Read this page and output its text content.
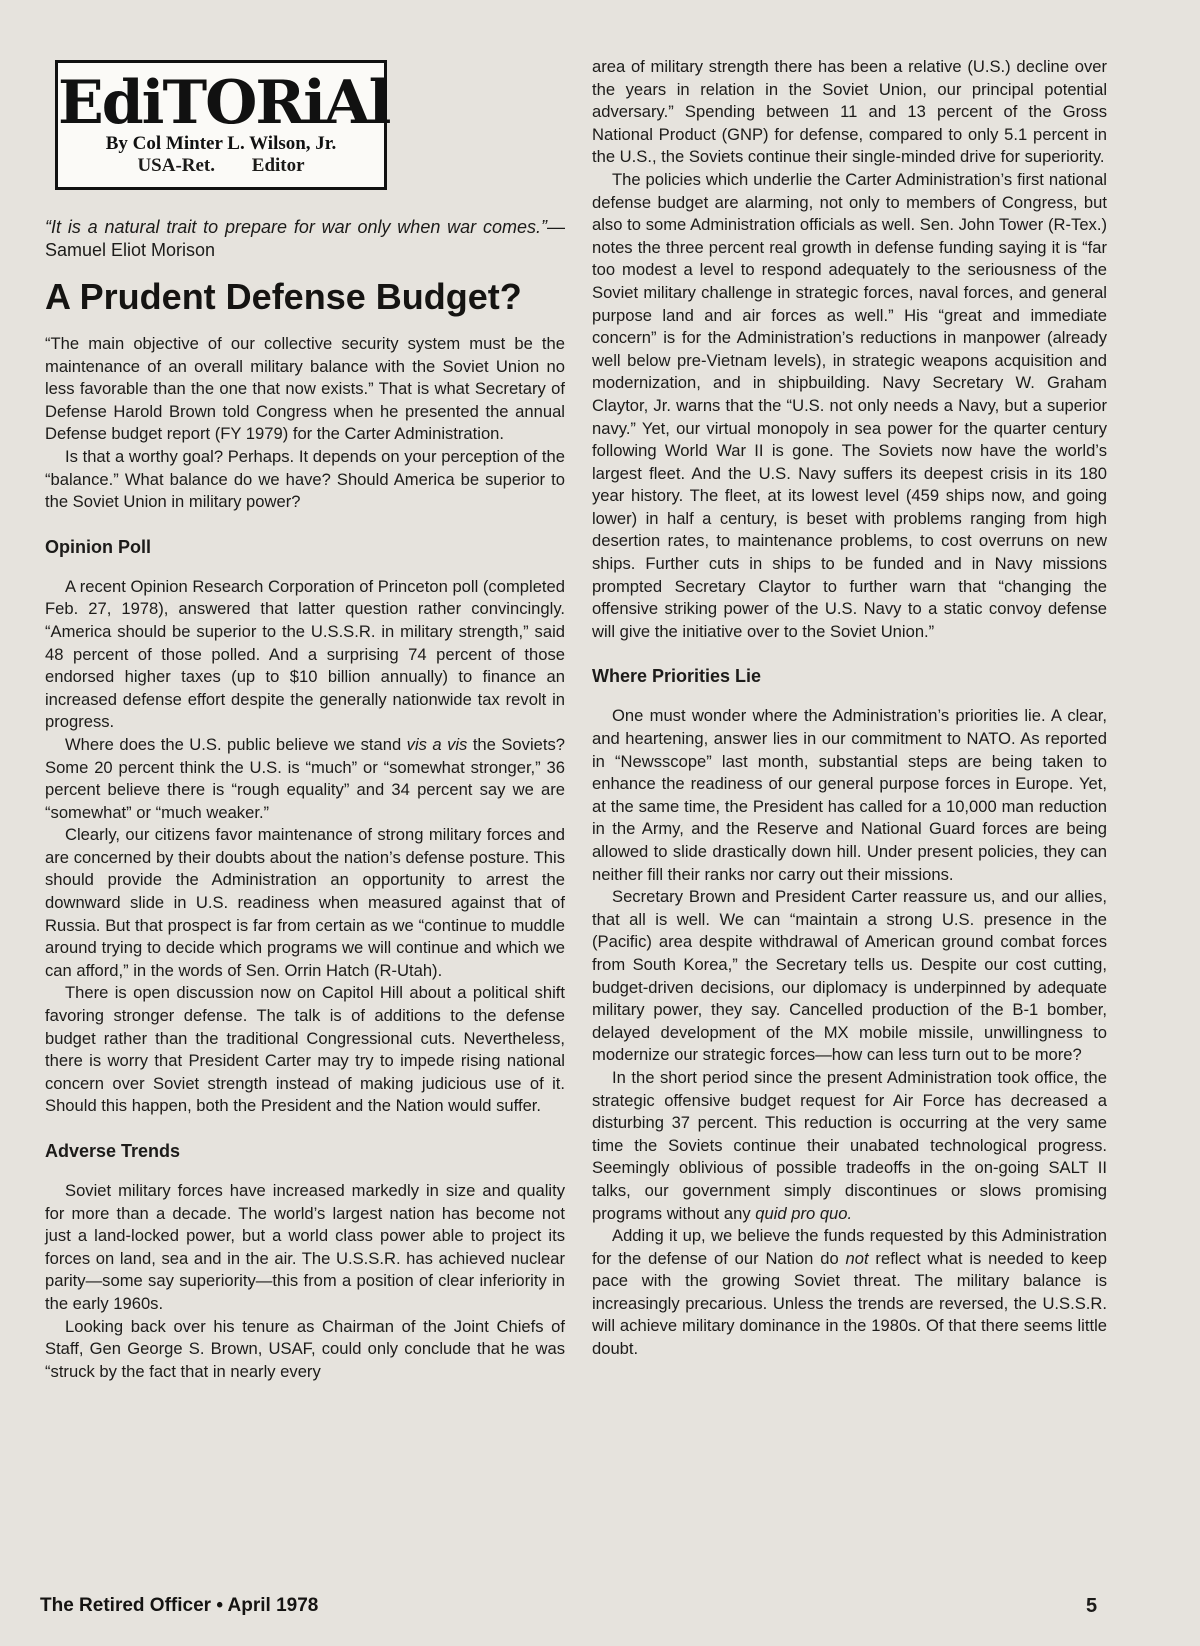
EdiTORiAl
By Col Minter L. Wilson, Jr.
USA-Ret. Editor

“It is a natural trait to prepare for war only when war comes.”—Samuel Eliot Morison

A Prudent Defense Budget?

“The main objective of our collective security system must be the maintenance of an overall military balance with the Soviet Union no less favorable than the one that now exists.” That is what Secretary of Defense Harold Brown told Congress when he presented the annual Defense budget report (FY 1979) for the Carter Administration.

Is that a worthy goal? Perhaps. It depends on your perception of the “balance.” What balance do we have? Should America be superior to the Soviet Union in military power?

Opinion Poll

A recent Opinion Research Corporation of Princeton poll (completed Feb. 27, 1978), answered that latter question rather convincingly. “America should be superior to the U.S.S.R. in military strength,” said 48 percent of those polled. And a surprising 74 percent of those endorsed higher taxes (up to $10 billion annually) to finance an increased defense effort despite the generally nationwide tax revolt in progress.

Where does the U.S. public believe we stand vis a vis the Soviets? Some 20 percent think the U.S. is “much” or “somewhat stronger,” 36 percent believe there is “rough equality” and 34 percent say we are “somewhat” or “much weaker.”

Clearly, our citizens favor maintenance of strong military forces and are concerned by their doubts about the nation’s defense posture. This should provide the Administration an opportunity to arrest the downward slide in U.S. readiness when measured against that of Russia. But that prospect is far from certain as we “continue to muddle around trying to decide which programs we will continue and which we can afford,” in the words of Sen. Orrin Hatch (R-Utah).

There is open discussion now on Capitol Hill about a political shift favoring stronger defense. The talk is of additions to the defense budget rather than the traditional Congressional cuts. Nevertheless, there is worry that President Carter may try to impede rising national concern over Soviet strength instead of making judicious use of it. Should this happen, both the President and the Nation would suffer.

Adverse Trends

Soviet military forces have increased markedly in size and quality for more than a decade. The world’s largest nation has become not just a land-locked power, but a world class power able to project its forces on land, sea and in the air. The U.S.S.R. has achieved nuclear parity—some say superiority—this from a position of clear inferiority in the early 1960s.

Looking back over his tenure as Chairman of the Joint Chiefs of Staff, Gen George S. Brown, USAF, could only conclude that he was “struck by the fact that in nearly every

area of military strength there has been a relative (U.S.) decline over the years in relation in the Soviet Union, our principal potential adversary.” Spending between 11 and 13 percent of the Gross National Product (GNP) for defense, compared to only 5.1 percent in the U.S., the Soviets continue their single-minded drive for superiority.

The policies which underlie the Carter Administration’s first national defense budget are alarming, not only to members of Congress, but also to some Administration officials as well. Sen. John Tower (R-Tex.) notes the three percent real growth in defense funding saying it is “far too modest a level to respond adequately to the seriousness of the Soviet military challenge in strategic forces, naval forces, and general purpose land and air forces as well.” His “great and immediate concern” is for the Administration’s reductions in manpower (already well below pre-Vietnam levels), in strategic weapons acquisition and modernization, and in shipbuilding. Navy Secretary W. Graham Claytor, Jr. warns that the “U.S. not only needs a Navy, but a superior navy.” Yet, our virtual monopoly in sea power for the quarter century following World War II is gone. The Soviets now have the world’s largest fleet. And the U.S. Navy suffers its deepest crisis in its 180 year history. The fleet, at its lowest level (459 ships now, and going lower) in half a century, is beset with problems ranging from high desertion rates, to maintenance problems, to cost overruns on new ships. Further cuts in ships to be funded and in Navy missions prompted Secretary Claytor to further warn that “changing the offensive striking power of the U.S. Navy to a static convoy defense will give the initiative over to the Soviet Union.”

Where Priorities Lie

One must wonder where the Administration’s priorities lie. A clear, and heartening, answer lies in our commitment to NATO. As reported in “Newsscope” last month, substantial steps are being taken to enhance the readiness of our general purpose forces in Europe. Yet, at the same time, the President has called for a 10,000 man reduction in the Army, and the Reserve and National Guard forces are being allowed to slide drastically down hill. Under present policies, they can neither fill their ranks nor carry out their missions.

Secretary Brown and President Carter reassure us, and our allies, that all is well. We can “maintain a strong U.S. presence in the (Pacific) area despite withdrawal of American ground combat forces from South Korea,” the Secretary tells us. Despite our cost cutting, budget-driven decisions, our diplomacy is underpinned by adequate military power, they say. Cancelled production of the B-1 bomber, delayed development of the MX mobile missile, unwillingness to modernize our strategic forces—how can less turn out to be more?

In the short period since the present Administration took office, the strategic offensive budget request for Air Force has decreased a disturbing 37 percent. This reduction is occurring at the very same time the Soviets continue their unabated technological progress. Seemingly oblivious of possible tradeoffs in the on-going SALT II talks, our government simply discontinues or slows promising programs without any quid pro quo.

Adding it up, we believe the funds requested by this Administration for the defense of our Nation do not reflect what is needed to keep pace with the growing Soviet threat. The military balance is increasingly precarious. Unless the trends are reversed, the U.S.S.R. will achieve military dominance in the 1980s. Of that there seems little doubt.

The Retired Officer • April 1978	5
